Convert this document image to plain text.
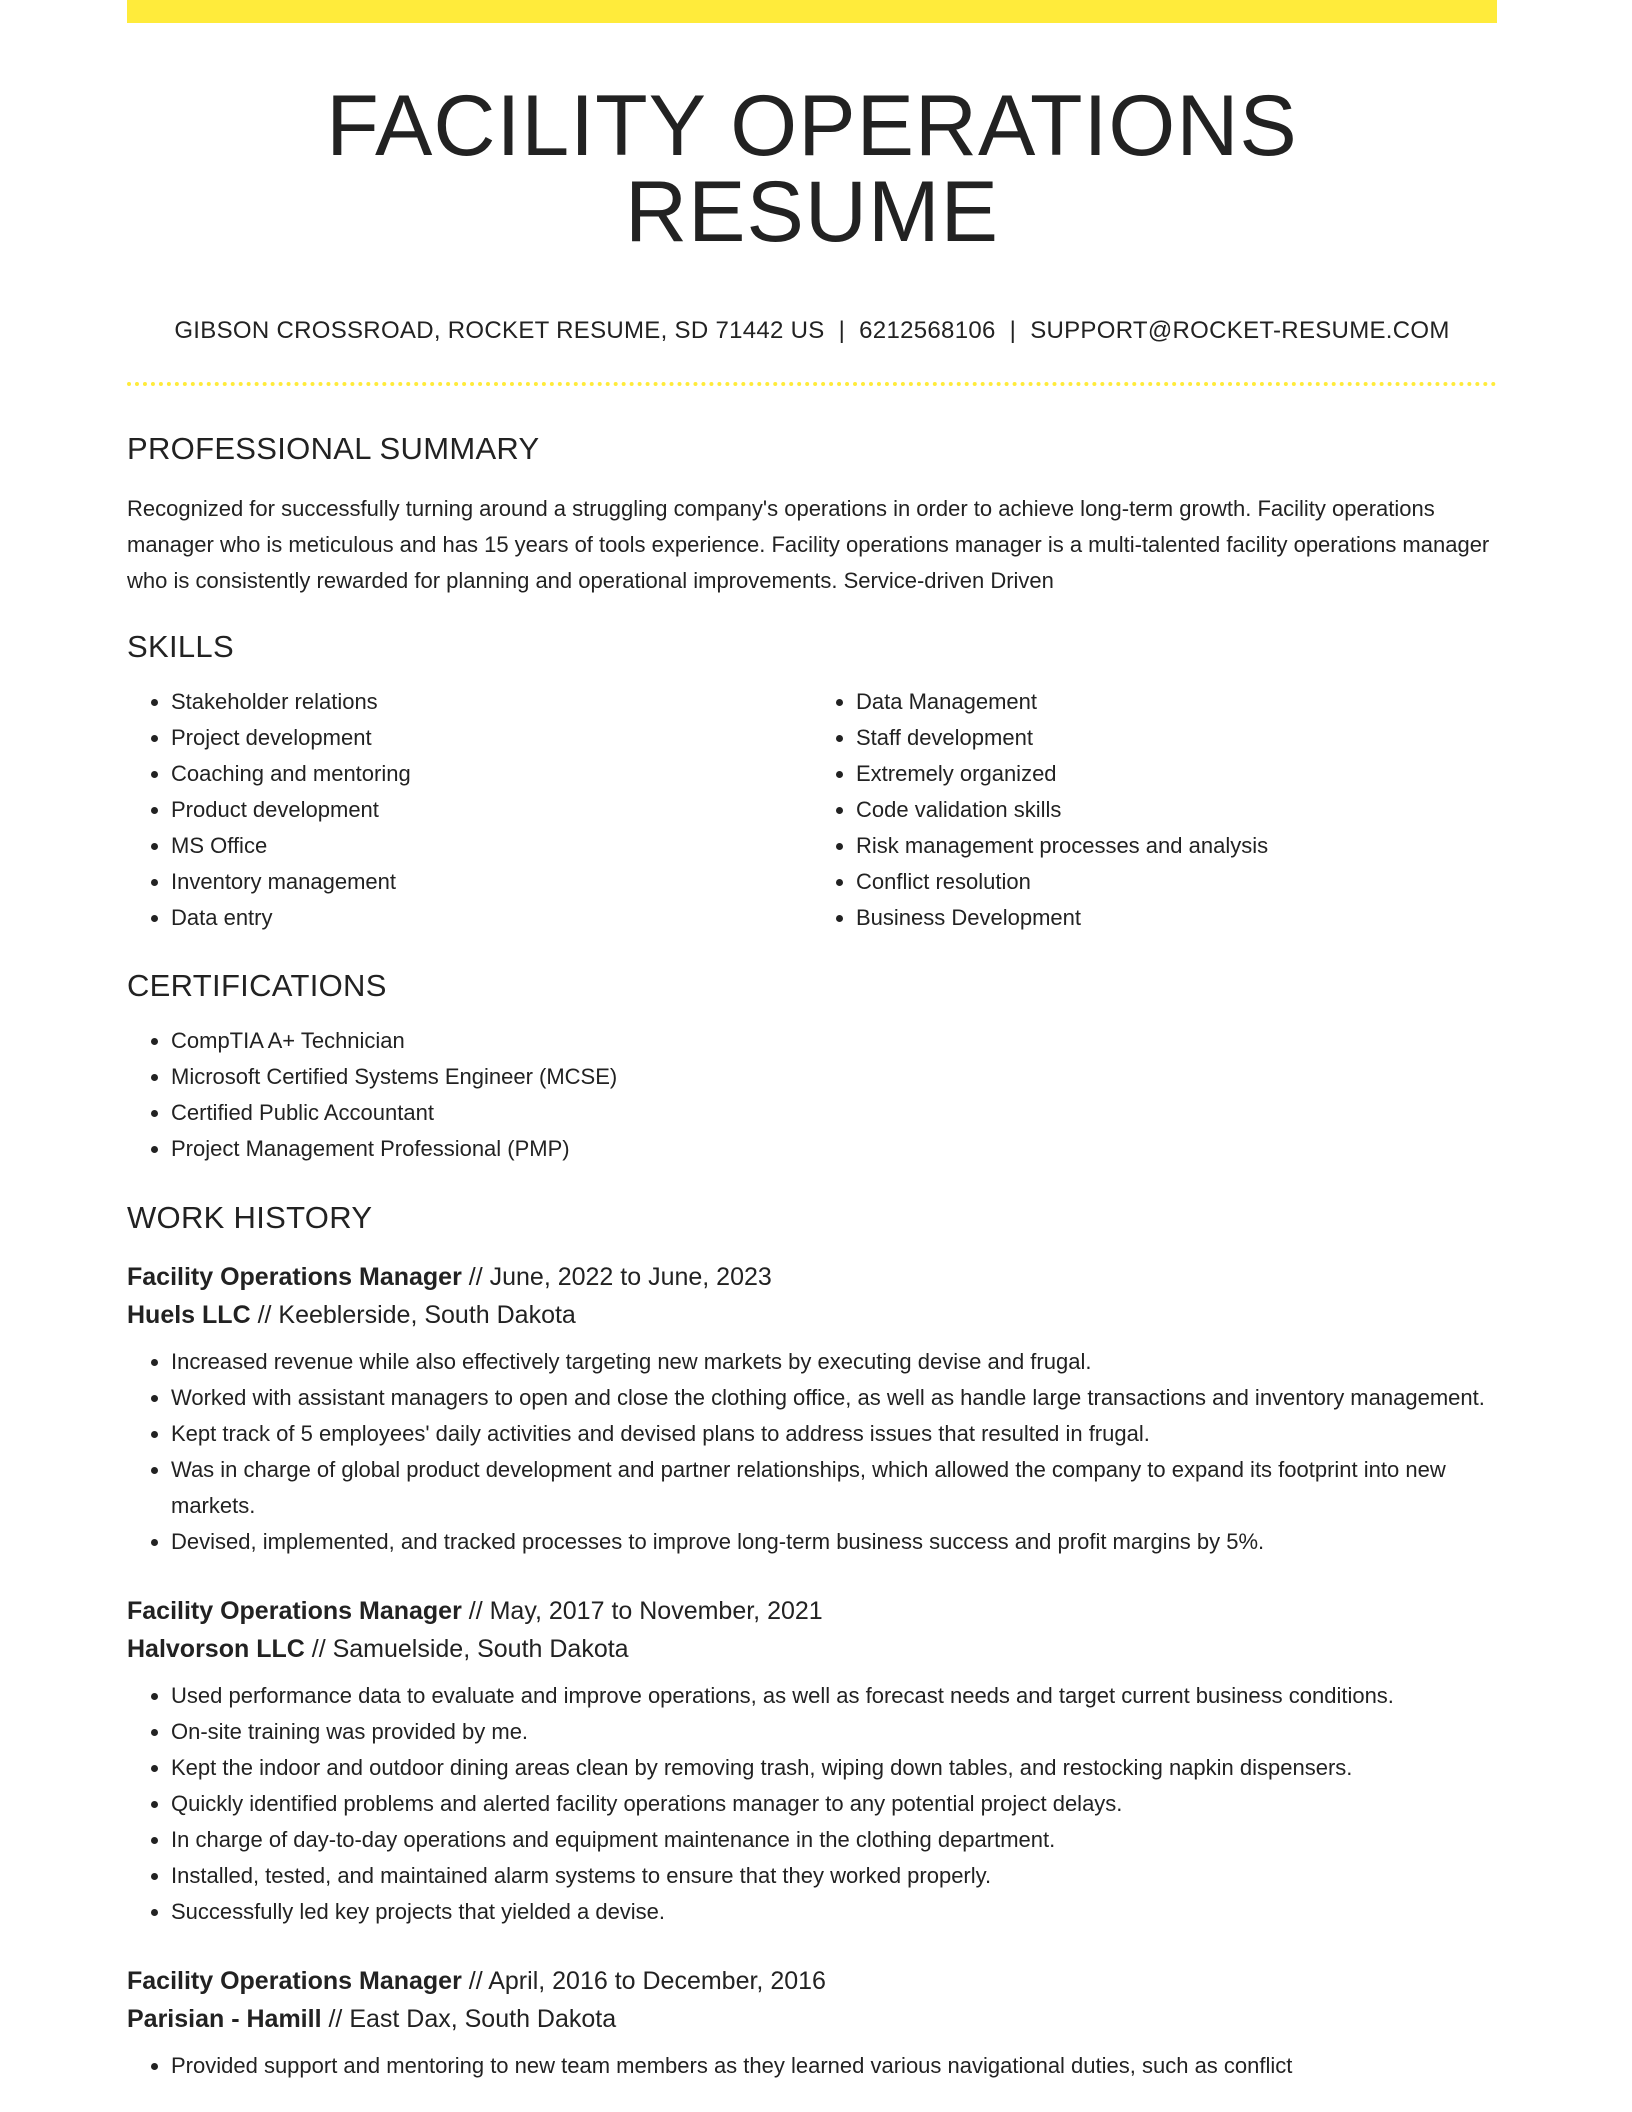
FACILITY OPERATIONS RESUME
GIBSON CROSSROAD, ROCKET RESUME, SD 71442 US | 6212568106 | SUPPORT@ROCKET-RESUME.COM
PROFESSIONAL SUMMARY
Recognized for successfully turning around a struggling company's operations in order to achieve long-term growth. Facility operations manager who is meticulous and has 15 years of tools experience. Facility operations manager is a multi-talented facility operations manager who is consistently rewarded for planning and operational improvements. Service-driven Driven
SKILLS
• Stakeholder relations
• Project development
• Coaching and mentoring
• Product development
• MS Office
• Inventory management
• Data entry
• Data Management
• Staff development
• Extremely organized
• Code validation skills
• Risk management processes and analysis
• Conflict resolution
• Business Development
CERTIFICATIONS
• CompTIA A+ Technician
• Microsoft Certified Systems Engineer (MCSE)
• Certified Public Accountant
• Project Management Professional (PMP)
WORK HISTORY
Facility Operations Manager // June, 2022 to June, 2023
Huels LLC // Keeblerside, South Dakota
• Increased revenue while also effectively targeting new markets by executing devise and frugal.
• Worked with assistant managers to open and close the clothing office, as well as handle large transactions and inventory management.
• Kept track of 5 employees' daily activities and devised plans to address issues that resulted in frugal.
• Was in charge of global product development and partner relationships, which allowed the company to expand its footprint into new markets.
• Devised, implemented, and tracked processes to improve long-term business success and profit margins by 5%.
Facility Operations Manager // May, 2017 to November, 2021
Halvorson LLC // Samuelside, South Dakota
• Used performance data to evaluate and improve operations, as well as forecast needs and target current business conditions.
• On-site training was provided by me.
• Kept the indoor and outdoor dining areas clean by removing trash, wiping down tables, and restocking napkin dispensers.
• Quickly identified problems and alerted facility operations manager to any potential project delays.
• In charge of day-to-day operations and equipment maintenance in the clothing department.
• Installed, tested, and maintained alarm systems to ensure that they worked properly.
• Successfully led key projects that yielded a devise.
Facility Operations Manager // April, 2016 to December, 2016
Parisian - Hamill // East Dax, South Dakota
• Provided support and mentoring to new team members as they learned various navigational duties, such as conflict
